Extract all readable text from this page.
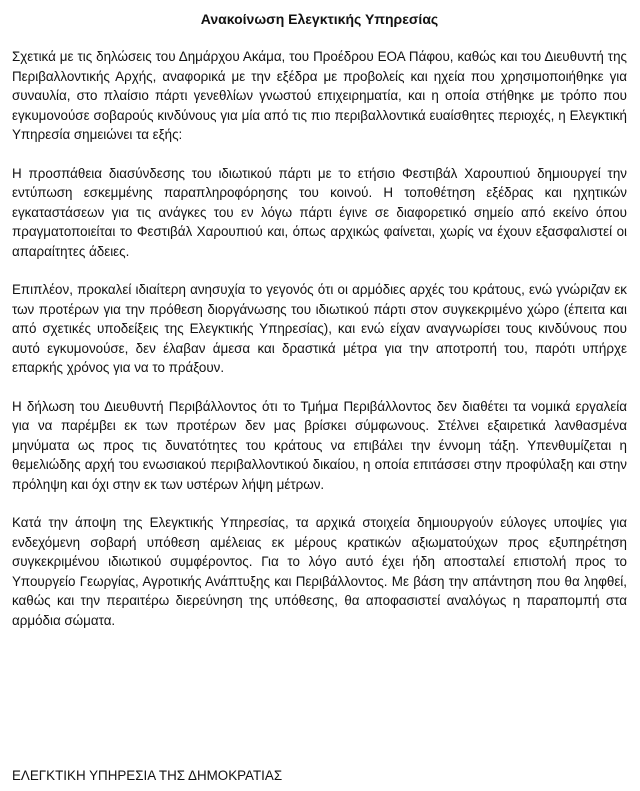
Ανακοίνωση Ελεγκτικής Υπηρεσίας

Σχετικά με τις δηλώσεις του Δημάρχου Ακάμα, του Προέδρου ΕΟΑ Πάφου, καθώς και του Διευθυντή της Περιβαλλοντικής Αρχής, αναφορικά με την εξέδρα με προβολείς και ηχεία που χρησιμοποιήθηκε για συναυλία, στο πλαίσιο πάρτι γενεθλίων γνωστού επιχειρηματία, και η οποία στήθηκε με τρόπο που εγκυμονούσε σοβαρούς κινδύνους για μία από τις πιο περιβαλλοντικά ευαίσθητες περιοχές, η Ελεγκτική Υπηρεσία σημειώνει τα εξής:

Η προσπάθεια διασύνδεσης του ιδιωτικού πάρτι με το ετήσιο Φεστιβάλ Χαρουπιού δημιουργεί την εντύπωση εσκεμμένης παραπληροφόρησης του κοινού. Η τοποθέτηση εξέδρας και ηχητικών εγκαταστάσεων για τις ανάγκες του εν λόγω πάρτι έγινε σε διαφορετικό σημείο από εκείνο όπου πραγματοποιείται το Φεστιβάλ Χαρουπιού και, όπως αρχικώς φαίνεται, χωρίς να έχουν εξασφαλιστεί οι απαραίτητες άδειες.

Επιπλέον, προκαλεί ιδιαίτερη ανησυχία το γεγονός ότι οι αρμόδιες αρχές του κράτους, ενώ γνώριζαν εκ των προτέρων για την πρόθεση διοργάνωσης του ιδιωτικού πάρτι στον συγκεκριμένο χώρο (έπειτα και από σχετικές υποδείξεις της Ελεγκτικής Υπηρεσίας), και ενώ είχαν αναγνωρίσει τους κινδύνους που αυτό εγκυμονούσε, δεν έλαβαν άμεσα και δραστικά μέτρα για την αποτροπή του, παρότι υπήρχε επαρκής χρόνος για να το πράξουν.

Η δήλωση του Διευθυντή Περιβάλλοντος ότι το Τμήμα Περιβάλλοντος δεν διαθέτει τα νομικά εργαλεία για να παρέμβει εκ των προτέρων δεν μας βρίσκει σύμφωνους. Στέλνει εξαιρετικά λανθασμένα μηνύματα ως προς τις δυνατότητες του κράτους να επιβάλει την έννομη τάξη. Υπενθυμίζεται η θεμελιώδης αρχή του ενωσιακού περιβαλλοντικού δικαίου, η οποία επιτάσσει στην προφύλαξη και στην πρόληψη και όχι στην εκ των υστέρων λήψη μέτρων.

Κατά την άποψη της Ελεγκτικής Υπηρεσίας, τα αρχικά στοιχεία δημιουργούν εύλογες υποψίες για ενδεχόμενη σοβαρή υπόθεση αμέλειας εκ μέρους κρατικών αξιωματούχων προς εξυπηρέτηση συγκεκριμένου ιδιωτικού συμφέροντος. Για το λόγο αυτό έχει ήδη αποσταλεί επιστολή προς το Υπουργείο Γεωργίας, Αγροτικής Ανάπτυξης και Περιβάλλοντος. Με βάση την απάντηση που θα ληφθεί, καθώς και την περαιτέρω διερεύνηση της υπόθεσης, θα αποφασιστεί αναλόγως η παραπομπή στα αρμόδια σώματα.

ΕΛΕΓΚΤΙΚΗ ΥΠΗΡΕΣΙΑ ΤΗΣ ΔΗΜΟΚΡΑΤΙΑΣ
